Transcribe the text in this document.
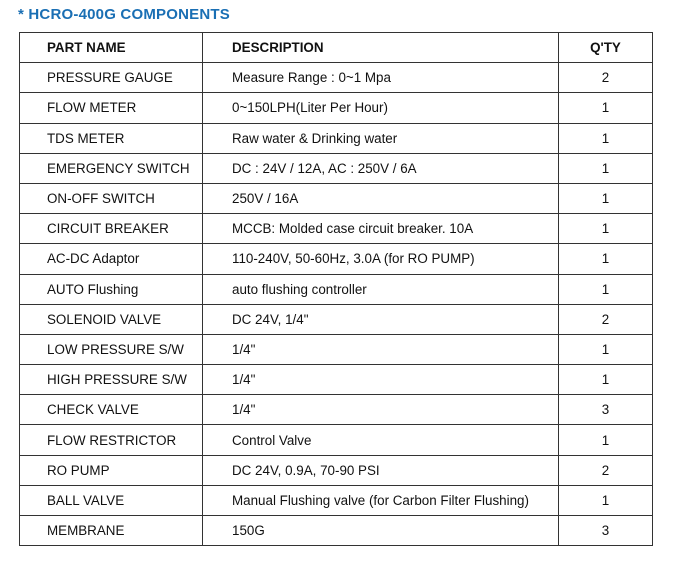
* HCRO-400G COMPONENTS
PART NAME	DESCRIPTION	Q'TY
PRESSURE GAUGE	Measure Range : 0~1 Mpa	2
FLOW METER	0~150LPH(Liter Per Hour)	1
TDS METER	Raw water & Drinking water	1
EMERGENCY SWITCH	DC : 24V / 12A, AC : 250V / 6A	1
ON-OFF SWITCH	250V / 16A	1
CIRCUIT BREAKER	MCCB: Molded case circuit breaker. 10A	1
AC-DC Adaptor	110-240V, 50-60Hz, 3.0A (for RO PUMP)	1
AUTO Flushing	auto flushing controller	1
SOLENOID VALVE	DC 24V, 1/4"	2
LOW PRESSURE S/W	1/4"	1
HIGH PRESSURE S/W	1/4"	1
CHECK VALVE	1/4"	3
FLOW RESTRICTOR	Control Valve	1
RO PUMP	DC 24V, 0.9A, 70-90 PSI	2
BALL VALVE	Manual Flushing valve (for Carbon Filter Flushing)	1
MEMBRANE	150G	3
